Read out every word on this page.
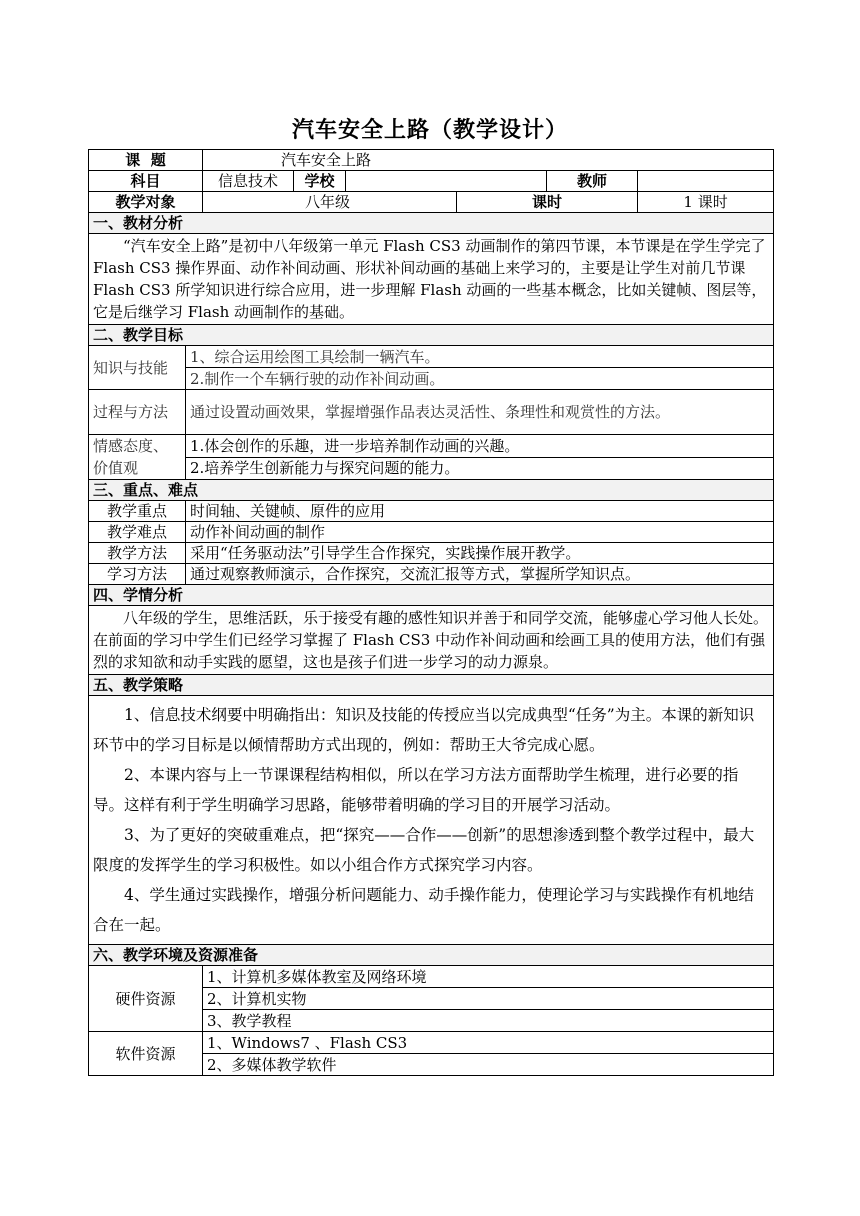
汽车安全上路（教学设计）
课  题		汽车安全上路					
科目		信息技术	学校			教师	
教学对象		八年级			课时		1 课时
一、教材分析							
“汽车安全上路”是初中八年级第一单元 Flash CS3 动画制作的第四节课，本节课是在学生学完了 Flash CS3 操作界面、动作补间动画、形状补间动画的基础上来学习的，主要是让学生对前几节课 Flash CS3 所学知识进行综合应用，进一步理解 Flash 动画的一些基本概念，比如关键帧、图层等，它是后继学习 Flash 动画制作的基础。							
二、教学目标							
知识与技能	1、综合运用绘图工具绘制一辆汽车。						
	2.制作一个车辆行驶的动作补间动画。						
过程与方法	通过设置动画效果，掌握增强作品表达灵活性、条理性和观赏性的方法。						
情感态度、价值观	1.体会创作的乐趣，进一步培养制作动画的兴趣。						
	2.培养学生创新能力与探究问题的能力。						
三、重点、难点							
教学重点	时间轴、关键帧、原件的应用						
教学难点	动作补间动画的制作						
教学方法	采用“任务驱动法”引导学生合作探究，实践操作展开教学。						
学习方法	通过观察教师演示，合作探究，交流汇报等方式，掌握所学知识点。						
四、学情分析							
八年级的学生，思维活跃，乐于接受有趣的感性知识并善于和同学交流，能够虚心学习他人长处。在前面的学习中学生们已经学习掌握了 Flash CS3 中动作补间动画和绘画工具的使用方法，他们有强烈的求知欲和动手实践的愿望，这也是孩子们进一步学习的动力源泉。							
五、教学策略							

1、信息技术纲要中明确指出：知识及技能的传授应当以完成典型“任务”为主。本课的新知识环节中的学习目标是以倾情帮助方式出现的，例如：帮助王大爷完成心愿。

2、本课内容与上一节课课程结构相似，所以在学习方法方面帮助学生梳理，进行必要的指导。这样有利于学生明确学习思路，能够带着明确的学习目的开展学习活动。

3、为了更好的突破重难点，把“探究——合作——创新”的思想渗透到整个教学过程中，最大限度的发挥学生的学习积极性。如以小组合作方式探究学习内容。

4、学生通过实践操作，增强分析问题能力、动手操作能力，使理论学习与实践操作有机地结合在一起。							

六、教学环境及资源准备							
硬件资源		1、计算机多媒体教室及网络环境					
		2、计算机实物					
		3、教学教程					
软件资源		1、Windows7 、Flash CS3					
		2、多媒体教学软件					
